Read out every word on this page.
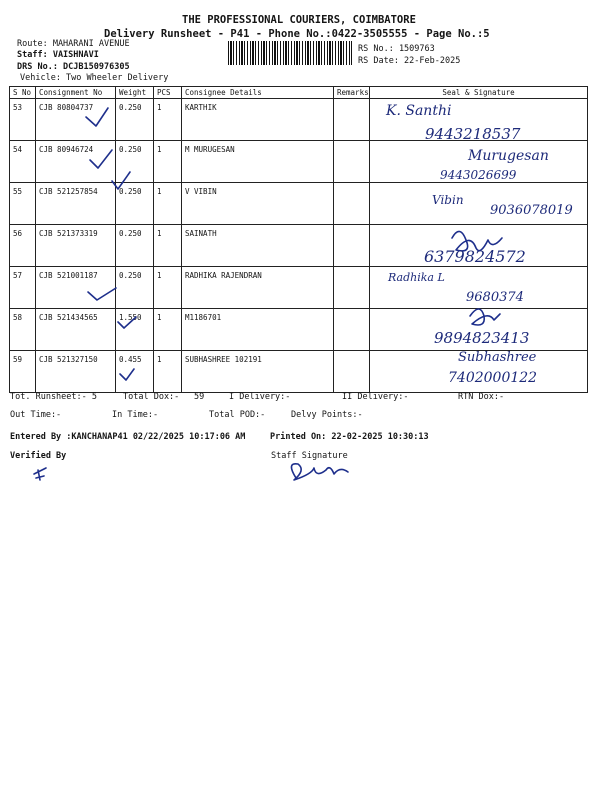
THE PROFESSIONAL COURIERS, COIMBATORE
Delivery Runsheet - P41 - Phone No.:0422-3505555 - Page No.:5
Route: MAHARANI AVENUE
Staff: VAISHNAVI
DRS No.: DCJB150976305
Vehicle: Two Wheeler Delivery
RS No.: 1509763
RS Date: 22-Feb-2025
S No	Consignment No	Weight	PCS	Consignee Details	Remarks	Seal & Signature
53	CJB 80804737	0.250	1	KARTHIK		
54	CJB 80946724	0.250	1	M MURUGESAN		
55	CJB 521257854	0.250	1	V VIBIN		
56	CJB 521373319	0.250	1	SAINATH		
57	CJB 521001187	0.250	1	RADHIKA RAJENDRAN		
58	CJB 521434565	1.550	1	M1186701		
59	CJB 521327150	0.455	1	SUBHASHREE 102191		
K. Santhi
9443218537
Murugesan
9443026699
Vibin
9036078019
6379824572
Radhika L
9680374
9894823413
Subhashree
7402000122
Tot. Runsheet:- 5	Total Dox:- 59	I Delivery:-	II Delivery:-	RTN Dox:-
Out Time:-	In Time:-	Total POD:-	Delvy Points:-
Entered By :KANCHANAP41 02/22/2025 10:17:06 AM	Printed On: 22-02-2025 10:30:13
Verified By	Staff Signature
